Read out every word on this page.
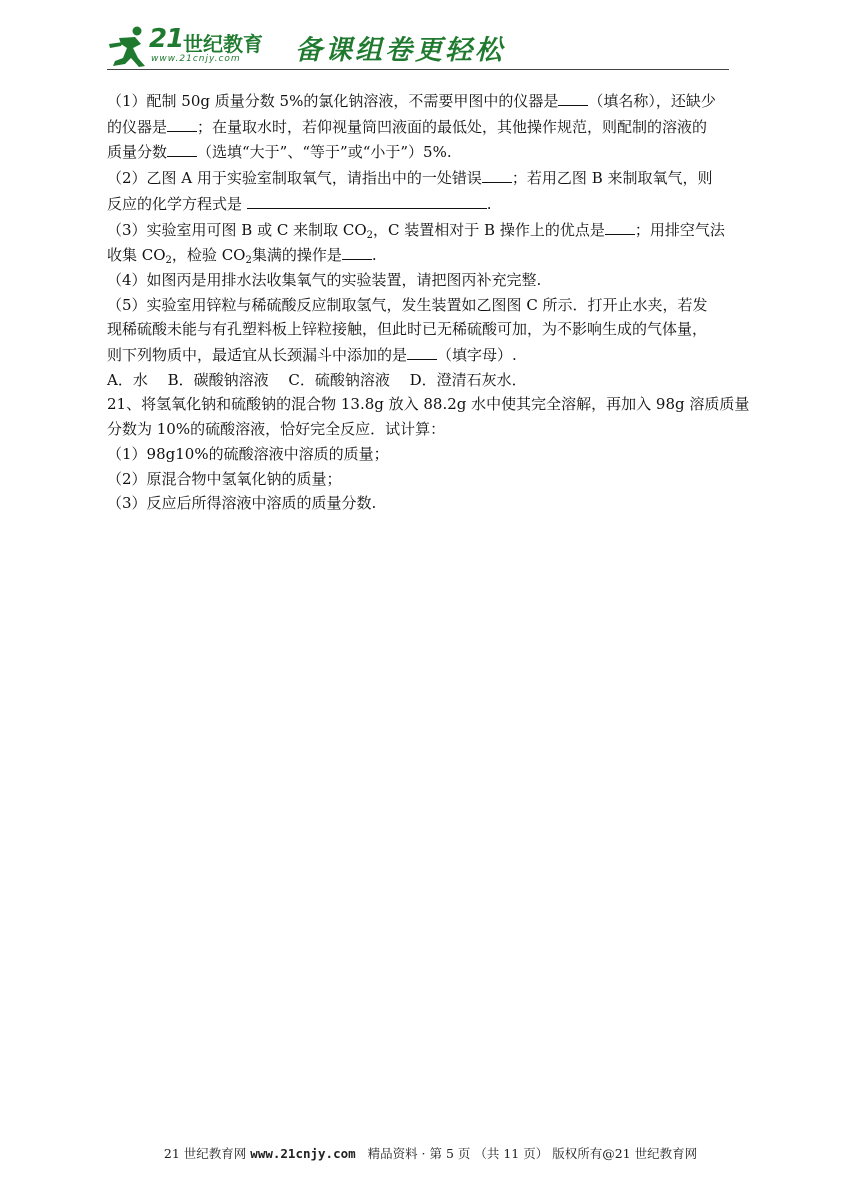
21 世纪教育
www.21cnjy.com 备课组卷更轻松

（1）配制 50g 质量分数 5%的氯化钠溶液，不需要甲图中的仪器是 （填名称），还缺少

的仪器是 ；在量取水时，若仰视量筒凹液面的最低处，其他操作规范，则配制的溶液的

质量分数 （选填“大于”、“等于”或“小于”）5%.

（2）乙图 A 用于实验室制取氧气，请指出中的一处错误 ；若用乙图 B 来制取氧气，则

反应的化学方程式是	.

（3）实验室用可图 B 或 C 来制取 $CO_2$，C 装置相对于 B 操作上的优点是 ；用排空气法

收集 $CO_2$，检验 $CO_2$集满的操作是 .

（4）如图丙是用排水法收集氧气的实验装置，请把图丙补充完整.

（5）实验室用锌粒与稀硫酸反应制取氢气，发生装置如乙图图 C 所示．打开止水夹，若发

现稀硫酸未能与有孔塑料板上锌粒接触，但此时已无稀硫酸可加，为不影响生成的气体量，

则下列物质中，最适宜从长颈漏斗中添加的是 （填字母）.

A．水　 B．碳酸钠溶液　 C．硫酸钠溶液　 D．澄清石灰水．

21、将氢氧化钠和硫酸钠的混合物 13.8g 放入 88.2g 水中使其完全溶解，再加入 98g 溶质质量

分数为 10%的硫酸溶液，恰好完全反应．试计算：

（1）98g10%的硫酸溶液中溶质的质量；

（2）原混合物中氢氧化钠的质量；

（3）反应后所得溶液中溶质的质量分数.

21 世纪教育网 www.21cnjy.com 精品资料 · 第 5 页 （共 11 页） 版权所有@21 世纪教育网
